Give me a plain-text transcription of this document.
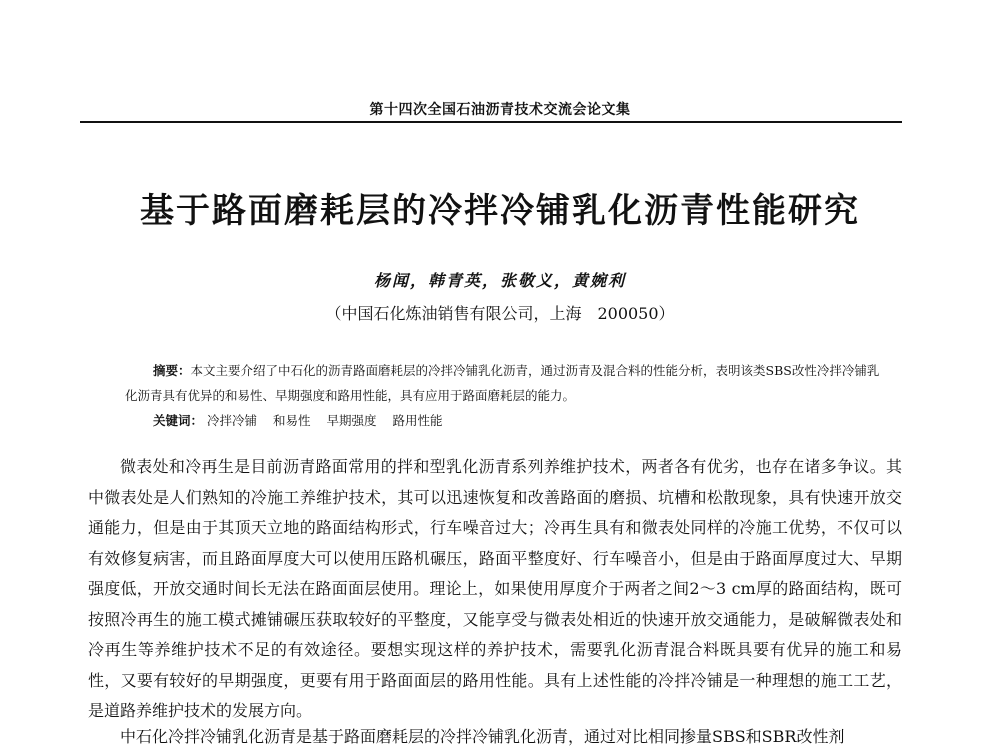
第十四次全国石油沥青技术交流会论文集
基于路面磨耗层的冷拌冷铺乳化沥青性能研究
杨闻，韩青英，张敬义，黄婉利
（中国石化炼油销售有限公司，上海　200050）
摘要：本文主要介绍了中石化的沥青路面磨耗层的冷拌冷铺乳化沥青，通过沥青及混合料的性能分析，表明该类SBS改性冷拌冷铺乳化沥青具有优异的和易性、早期强度和路用性能，具有应用于路面磨耗层的能力。
关键词： 冷拌冷铺 和易性 早期强度 路用性能

微表处和冷再生是目前沥青路面常用的拌和型乳化沥青系列养维护技术，两者各有优劣，也存在诸多争议。其中微表处是人们熟知的冷施工养维护技术，其可以迅速恢复和改善路面的磨损、坑槽和松散现象，具有快速开放交通能力，但是由于其顶天立地的路面结构形式，行车噪音过大；冷再生具有和微表处同样的冷施工优势，不仅可以有效修复病害，而且路面厚度大可以使用压路机碾压，路面平整度好、行车噪音小，但是由于路面厚度过大、早期强度低，开放交通时间长无法在路面面层使用。理论上，如果使用厚度介于两者之间2～3 cm厚的路面结构，既可按照冷再生的施工模式摊铺碾压获取较好的平整度，又能享受与微表处相近的快速开放交通能力，是破解微表处和冷再生等养维护技术不足的有效途径。要想实现这样的养护技术，需要乳化沥青混合料既具要有优异的施工和易性，又要有较好的早期强度，更要有用于路面面层的路用性能。具有上述性能的冷拌冷铺是一种理想的施工工艺，是道路养维护技术的发展方向。

中石化冷拌冷铺乳化沥青是基于路面磨耗层的冷拌冷铺乳化沥青，通过对比相同掺量SBS和SBR改性剂
